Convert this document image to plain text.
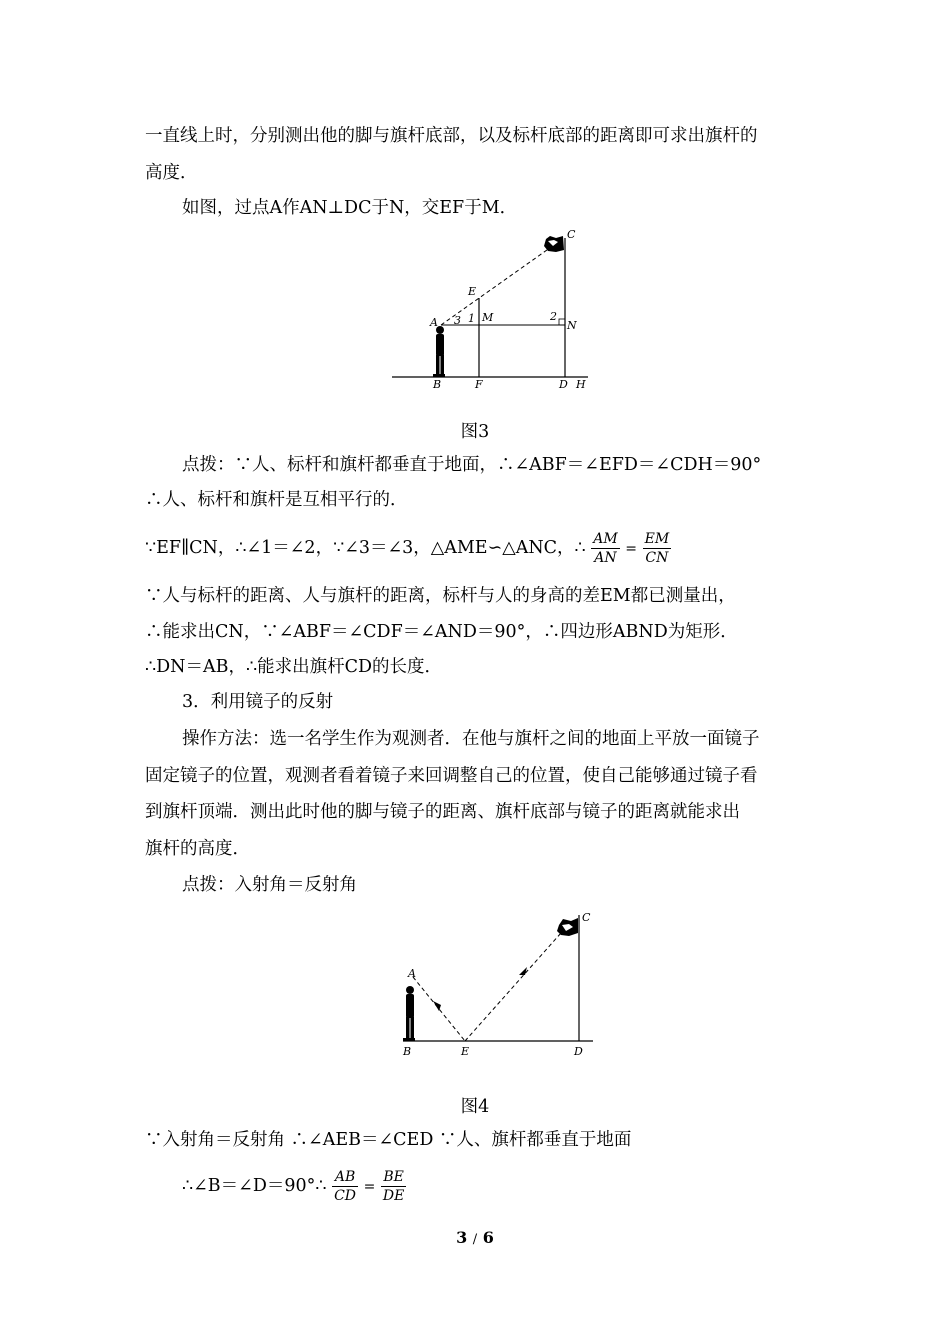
一直线上时，分别测出他的脚与旗杆底部，以及标杆底部的距离即可求出旗杆的
高度．
如图，过点A作AN⊥DC于N，交EF于M．
A
B
C
D
E
F	H
M
N
1	2
3
图3
点拨：∵人、标杆和旗杆都垂直于地面，∴∠ABF＝∠EFD＝∠CDH＝90°
∴人、标杆和旗杆是互相平行的．
∵EF∥CN，∴∠1＝∠2，∵∠3＝∠3，△AME∽△ANC，∴ $\frac{AM}{AN} = \frac{EM}{CN}$
∵人与标杆的距离、人与旗杆的距离，标杆与人的身高的差EM都已测量出，
∴能求出CN，∵∠ABF＝∠CDF＝∠AND＝90°，∴四边形ABND为矩形．
∴DN＝AB，∴能求出旗杆CD的长度．
3．利用镜子的反射
操作方法：选一名学生作为观测者．在他与旗杆之间的地面上平放一面镜子
固定镜子的位置，观测者看着镜子来回调整自己的位置，使自己能够通过镜子看
到旗杆顶端．测出此时他的脚与镜子的距离、旗杆底部与镜子的距离就能求出
旗杆的高度．
点拨：入射角＝反射角
A
B
C
D
E
图4
∵入射角＝反射角 ∴∠AEB＝∠CED ∵人、旗杆都垂直于地面
∴∠B＝∠D＝90°∴ $\frac{AB}{CD} = \frac{BE}{DE}$
3 / 6
